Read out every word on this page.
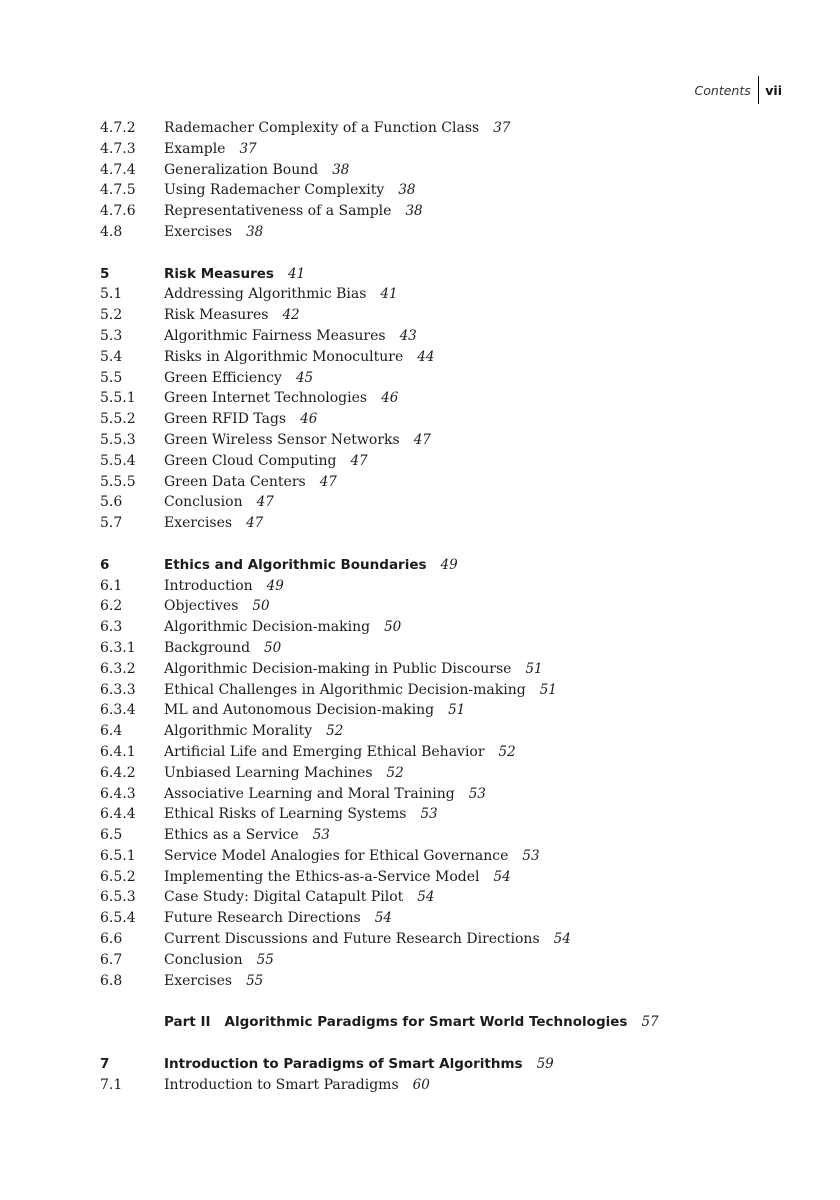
Contents	vii
4.7.2 Rademacher Complexity of a Function Class 37
4.7.3 Example 37
4.7.4 Generalization Bound 38
4.7.5 Using Rademacher Complexity 38
4.7.6 Representativeness of a Sample 38
4.8	Exercises 38
5	Risk Measures 41
5.1	Addressing Algorithmic Bias 41
5.2	Risk Measures 42
5.3	Algorithmic Fairness Measures 43
5.4	Risks in Algorithmic Monoculture 44
5.5	Green Efficiency 45
5.5.1 Green Internet Technologies 46
5.5.2 Green RFID Tags 46
5.5.3 Green Wireless Sensor Networks 47
5.5.4 Green Cloud Computing 47
5.5.5 Green Data Centers 47
5.6	Conclusion 47
5.7	Exercises 47
6	Ethics and Algorithmic Boundaries 49
6.1	Introduction 49
6.2	Objectives 50
6.3	Algorithmic Decision-making 50
6.3.1 Background 50
6.3.2 Algorithmic Decision-making in Public Discourse 51
6.3.3 Ethical Challenges in Algorithmic Decision-making 51
6.3.4 ML and Autonomous Decision-making 51
6.4	Algorithmic Morality 52
6.4.1 Artificial Life and Emerging Ethical Behavior 52
6.4.2 Unbiased Learning Machines 52
6.4.3 Associative Learning and Moral Training 53
6.4.4 Ethical Risks of Learning Systems 53
6.5	Ethics as a Service 53
6.5.1 Service Model Analogies for Ethical Governance 53
6.5.2 Implementing the Ethics-as-a-Service Model 54
6.5.3 Case Study: Digital Catapult Pilot 54
6.5.4 Future Research Directions 54
6.6	Current Discussions and Future Research Directions 54
6.7	Conclusion 55
6.8	Exercises 55
Part II Algorithmic Paradigms for Smart World Technologies 57
7	Introduction to Paradigms of Smart Algorithms 59
7.1	Introduction to Smart Paradigms 60
